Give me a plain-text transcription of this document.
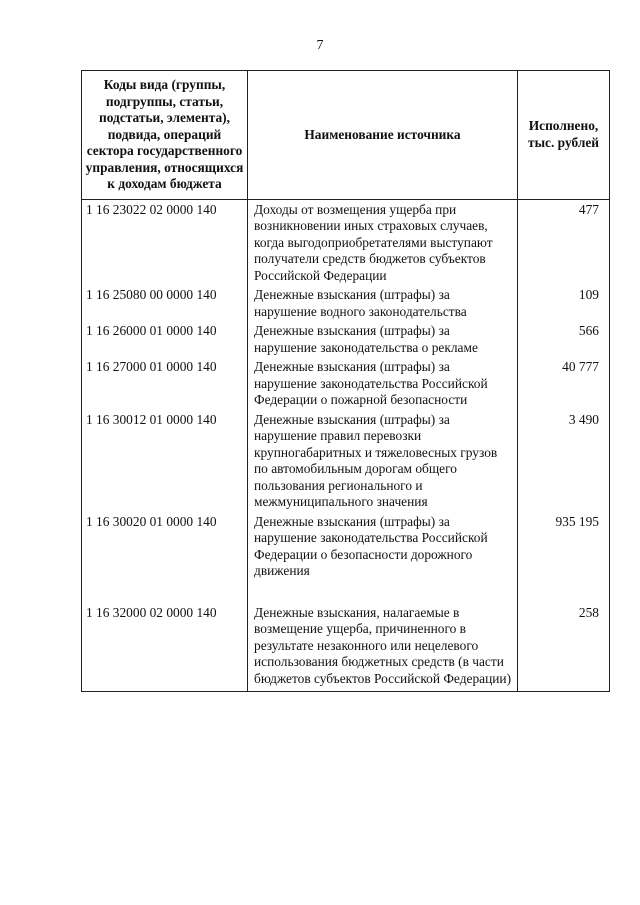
7
Коды вида (группы, подгруппы, статьи, подстатьи, элемента), подвида, операций сектора государственного управления, относящихся к доходам бюджета	Наименование источника	Исполнено, тыс. рублей
1 16 23022 02 0000 140	Доходы от возмещения ущерба при возникновении иных страховых случаев, когда выгодоприобретателями выступают получатели средств бюджетов субъектов Российской Федерации	477
1 16 25080 00 0000 140	Денежные взыскания (штрафы) за нарушение водного законодательства	109
1 16 26000 01 0000 140	Денежные взыскания (штрафы) за нарушение законодательства о рекламе	566
1 16 27000 01 0000 140	Денежные взыскания (штрафы) за нарушение законодательства Российской Федерации о пожарной безопасности	40 777
1 16 30012 01 0000 140	Денежные взыскания (штрафы) за нарушение правил перевозки крупногабаритных и тяжеловесных грузов по автомобильным дорогам общего пользования регионального и межмуниципального значения	3 490
1 16 30020 01 0000 140	Денежные взыскания (штрафы) за нарушение законодательства Российской Федерации о безопасности дорожного движения	935 195
1 16 32000 02 0000 140	Денежные взыскания, налагаемые в возмещение ущерба, причиненного в результате незаконного или нецелевого использования бюджетных средств (в части бюджетов субъектов Российской Федерации)	258
